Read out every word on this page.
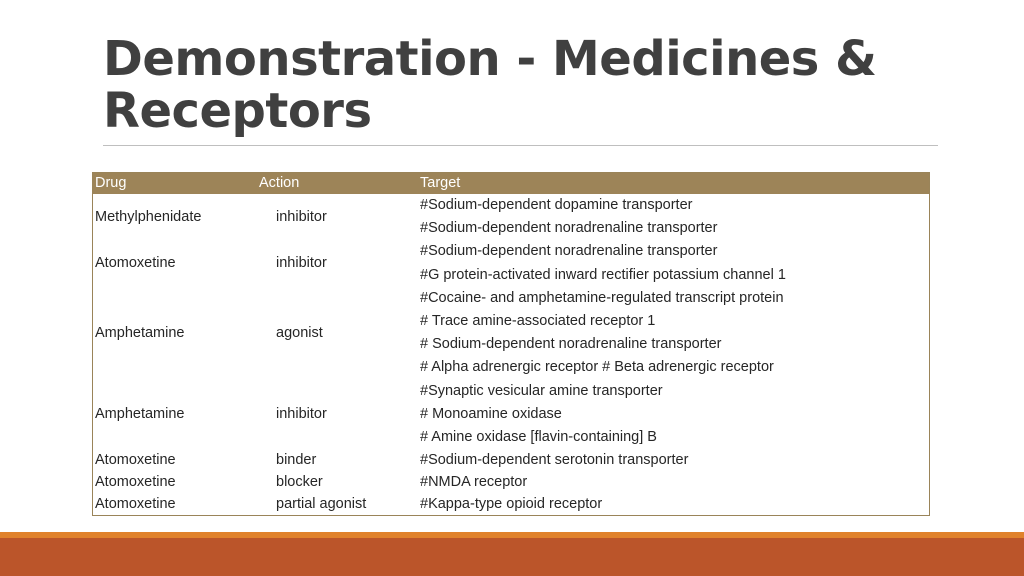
Demonstration - Medicines & Receptors
Drug	Action	Target
Methylphenidate	inhibitor	#Sodium-dependent dopamine transporter
#Sodium-dependent noradrenaline transporter

Atomoxetine	inhibitor	#Sodium-dependent noradrenaline transporter
#G protein-activated inward rectifier potassium channel 1

Amphetamine	agonist	#Cocaine- and amphetamine-regulated transcript protein
# Trace amine-associated receptor 1
# Sodium-dependent noradrenaline transporter
# Alpha adrenergic receptor # Beta adrenergic receptor

Amphetamine	inhibitor	#Synaptic vesicular amine transporter
# Monoamine oxidase
# Amine oxidase [flavin-containing] B

Atomoxetine	binder	#Sodium-dependent serotonin transporter

Atomoxetine	blocker	#NMDA receptor

Atomoxetine	partial agonist	#Kappa-type opioid receptor
